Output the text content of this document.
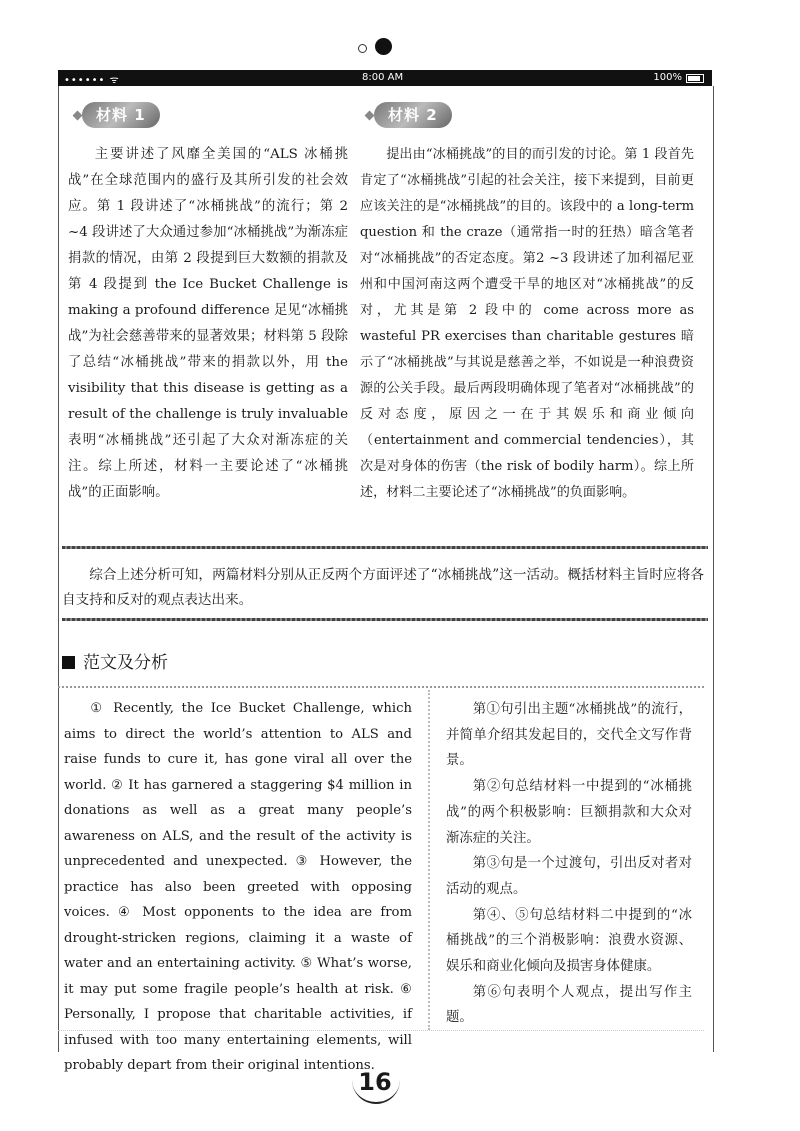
•••••• ᯤ	8:00 AM	100%
材料 1
主要讲述了风靡全美国的“ALS 冰桶挑战”在全球范围内的盛行及其所引发的社会效应。第 1 段讲述了“冰桶挑战”的流行；第 2 ~4 段讲述了大众通过参加“冰桶挑战”为渐冻症捐款的情况，由第 2 段提到巨大数额的捐款及第 4 段提到 the Ice Bucket Challenge is making a profound difference 足见“冰桶挑战”为社会慈善带来的显著效果；材料第 5 段除了总结“冰桶挑战”带来的捐款以外，用 the visibility that this disease is getting as a result of the challenge is truly invaluable 表明“冰桶挑战”还引起了大众对渐冻症的关注。综上所述，材料一主要论述了“冰桶挑战”的正面影响。
材料 2
提出由“冰桶挑战”的目的而引发的讨论。第 1 段首先肯定了“冰桶挑战”引起的社会关注，接下来提到，目前更应该关注的是“冰桶挑战”的目的。该段中的 a long-term question 和 the craze（通常指一时的狂热）暗含笔者对“冰桶挑战”的否定态度。第2 ~3 段讲述了加利福尼亚州和中国河南这两个遭受干旱的地区对“冰桶挑战”的反对，尤其是第 2 段中的 come across more as wasteful PR exercises than charitable gestures 暗示了“冰桶挑战”与其说是慈善之举，不如说是一种浪费资源的公关手段。最后两段明确体现了笔者对“冰桶挑战”的反对态度，原因之一在于其娱乐和商业倾向（entertainment and commercial tendencies），其次是对身体的伤害（the risk of bodily harm）。综上所述，材料二主要论述了“冰桶挑战”的负面影响。
综合上述分析可知，两篇材料分别从正反两个方面评述了“冰桶挑战”这一活动。概括材料主旨时应将各自支持和反对的观点表达出来。
范文及分析
① Recently, the Ice Bucket Challenge, which aims to direct the world’s attention to ALS and raise funds to cure it, has gone viral all over the world. ② It has garnered a staggering $4 million in donations as well as a great many people’s awareness on ALS, and the result of the activity is unprecedented and unexpected. ③ However, the practice has also been greeted with opposing voices. ④ Most opponents to the idea are from drought-stricken regions, claiming it a waste of water and an entertaining activity. ⑤ What’s worse, it may put some fragile people’s health at risk. ⑥ Personally, I propose that charitable activities, if infused with too many entertaining elements, will probably depart from their original intentions.

第①句引出主题“冰桶挑战”的流行，并简单介绍其发起目的，交代全文写作背景。

第②句总结材料一中提到的“冰桶挑战”的两个积极影响：巨额捐款和大众对渐冻症的关注。

第③句是一个过渡句，引出反对者对活动的观点。

第④、⑤句总结材料二中提到的“冰桶挑战”的三个消极影响：浪费水资源、娱乐和商业化倾向及损害身体健康。

第⑥句表明个人观点，提出写作主题。

16
